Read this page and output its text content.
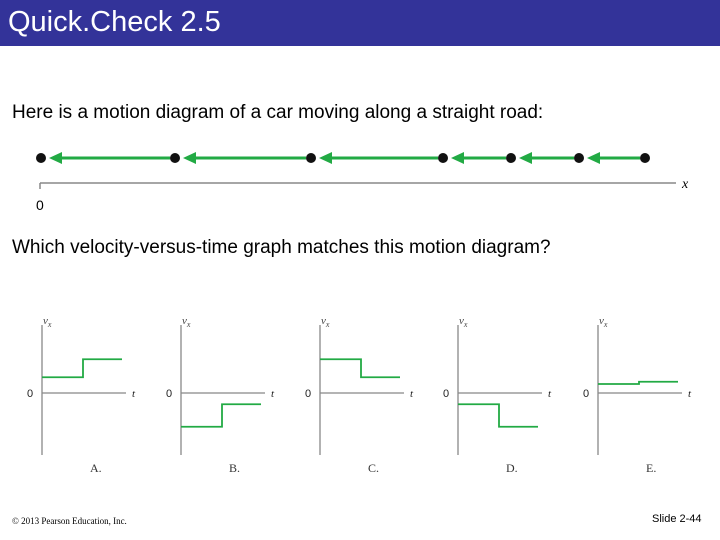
Quick.Check 2.5
Here is a motion diagram of a car moving along a straight road:
0
x
Which velocity-versus-time graph matches this motion diagram?
$v_x$
0	t
A.
$v_x$
0	t
B.
$v_x$
0	t
C.
$v_x$
0	t
D.
$v_x$
0	t
E.
© 2013 Pearson Education, Inc.	Slide 2-44
